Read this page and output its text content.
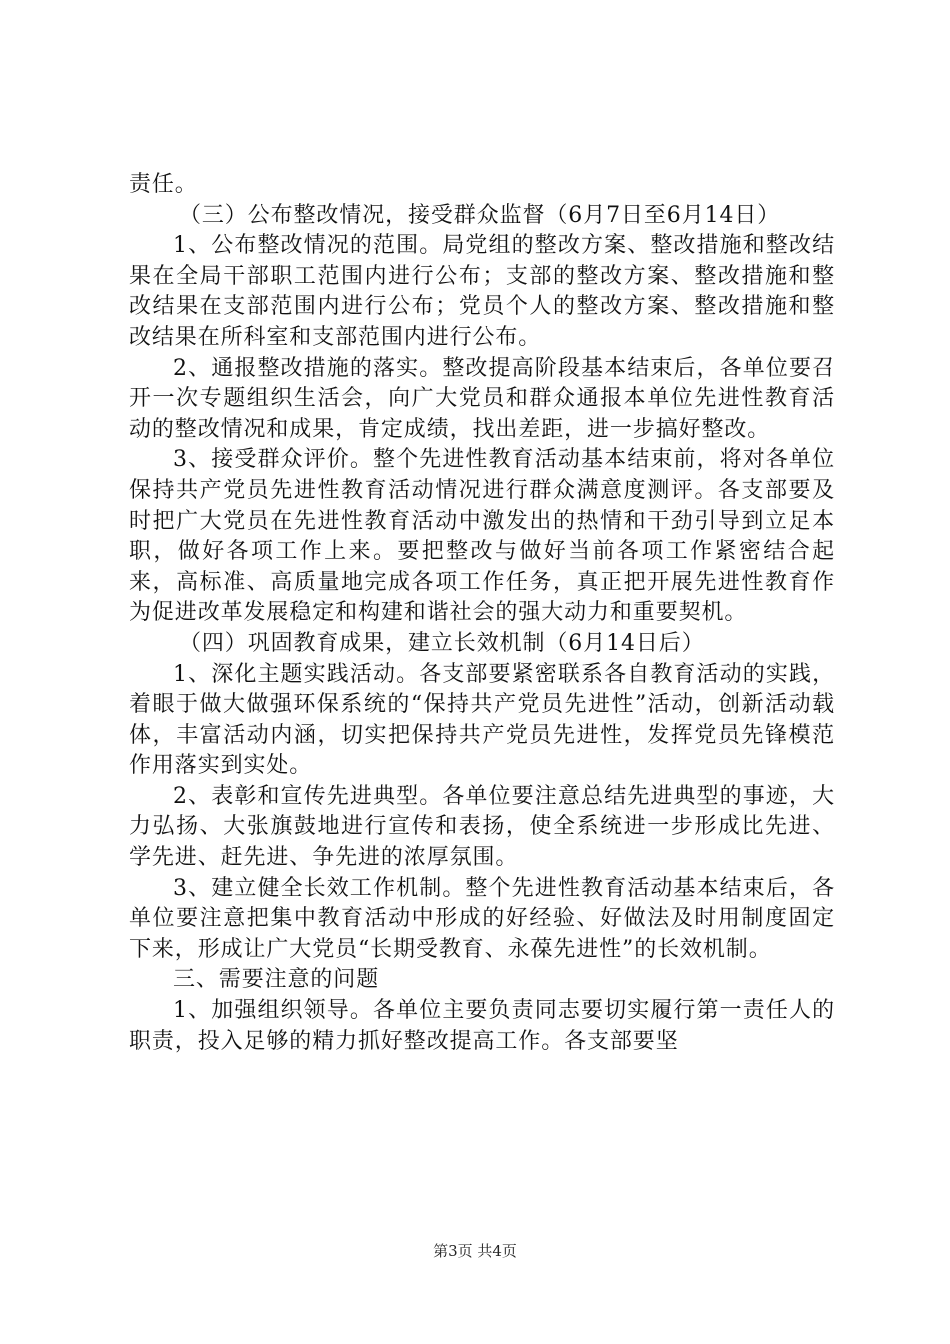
责任。

（三）公布整改情况，接受群众监督（6月7日至6月14日）

1、公布整改情况的范围。局党组的整改方案、整改措施和整改结果在全局干部职工范围内进行公布；支部的整改方案、整改措施和整改结果在支部范围内进行公布；党员个人的整改方案、整改措施和整改结果在所科室和支部范围内进行公布。

2、通报整改措施的落实。整改提高阶段基本结束后，各单位要召开一次专题组织生活会，向广大党员和群众通报本单位先进性教育活动的整改情况和成果，肯定成绩，找出差距，进一步搞好整改。

3、接受群众评价。整个先进性教育活动基本结束前，将对各单位保持共产党员先进性教育活动情况进行群众满意度测评。各支部要及时把广大党员在先进性教育活动中激发出的热情和干劲引导到立足本职，做好各项工作上来。要把整改与做好当前各项工作紧密结合起来，高标准、高质量地完成各项工作任务，真正把开展先进性教育作为促进改革发展稳定和构建和谐社会的强大动力和重要契机。

（四）巩固教育成果，建立长效机制（6月14日后）

1、深化主题实践活动。各支部要紧密联系各自教育活动的实践，着眼于做大做强环保系统的“保持共产党员先进性”活动，创新活动载体，丰富活动内涵，切实把保持共产党员先进性，发挥党员先锋模范作用落实到实处。

2、表彰和宣传先进典型。各单位要注意总结先进典型的事迹，大力弘扬、大张旗鼓地进行宣传和表扬，使全系统进一步形成比先进、学先进、赶先进、争先进的浓厚氛围。

3、建立健全长效工作机制。整个先进性教育活动基本结束后，各单位要注意把集中教育活动中形成的好经验、好做法及时用制度固定下来，形成让广大党员“长期受教育、永葆先进性”的长效机制。

三、需要注意的问题

1、加强组织领导。各单位主要负责同志要切实履行第一责任人的职责，投入足够的精力抓好整改提高工作。各支部要坚

第3页 共4页
